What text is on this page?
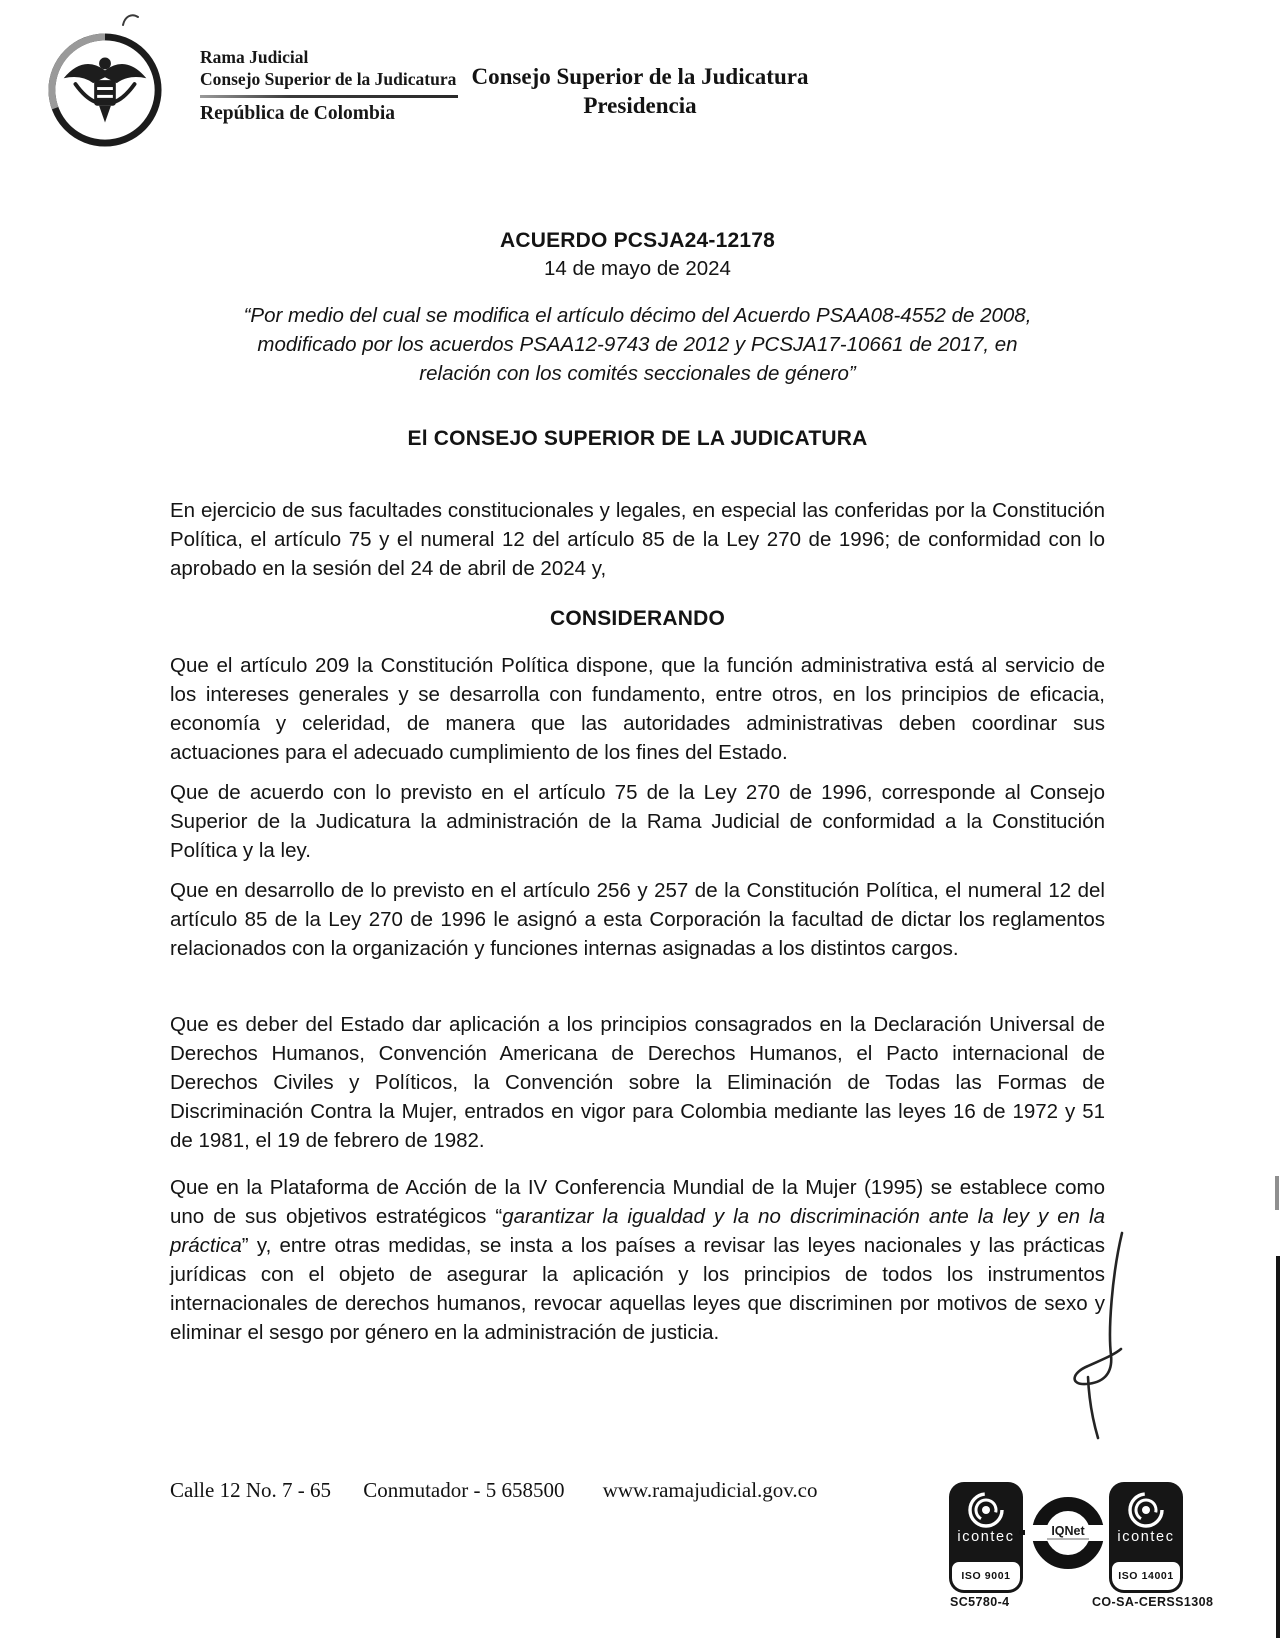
Rama Judicial
Consejo Superior de la Judicatura
República de Colombia
Consejo Superior de la Judicatura
Presidencia
ACUERDO PCSJA24-12178
14 de mayo de 2024
“Por medio del cual se modifica el artículo décimo del Acuerdo PSAA08-4552 de 2008,
modificado por los acuerdos PSAA12-9743 de 2012 y PCSJA17-10661 de 2017, en
relación con los comités seccionales de género”
El CONSEJO SUPERIOR DE LA JUDICATURA

En ejercicio de sus facultades constitucionales y legales, en especial las conferidas por la Constitución Política, el artículo 75 y el numeral 12 del artículo 85 de la Ley 270 de 1996; de conformidad con lo aprobado en la sesión del 24 de abril de 2024 y,

CONSIDERANDO

Que el artículo 209 la Constitución Política dispone, que la función administrativa está al servicio de los intereses generales y se desarrolla con fundamento, entre otros, en los principios de eficacia, economía y celeridad, de manera que las autoridades administrativas deben coordinar sus actuaciones para el adecuado cumplimiento de los fines del Estado.

Que de acuerdo con lo previsto en el artículo 75 de la Ley 270 de 1996, corresponde al Consejo Superior de la Judicatura la administración de la Rama Judicial de conformidad a la Constitución Política y la ley.

Que en desarrollo de lo previsto en el artículo 256 y 257 de la Constitución Política, el numeral 12 del artículo 85 de la Ley 270 de 1996 le asignó a esta Corporación la facultad de dictar los reglamentos relacionados con la organización y funciones internas asignadas a los distintos cargos.

Que es deber del Estado dar aplicación a los principios consagrados en la Declaración Universal de Derechos Humanos, Convención Americana de Derechos Humanos, el Pacto internacional de Derechos Civiles y Políticos, la Convención sobre la Eliminación de Todas las Formas de Discriminación Contra la Mujer, entrados en vigor para Colombia mediante las leyes 16 de 1972 y 51 de 1981, el 19 de febrero de 1982.

Que en la Plataforma de Acción de la IV Conferencia Mundial de la Mujer (1995) se establece como uno de sus objetivos estratégicos “garantizar la igualdad y la no discriminación ante la ley y en la práctica” y, entre otras medidas, se insta a los países a revisar las leyes nacionales y las prácticas jurídicas con el objeto de asegurar la aplicación y los principios de todos los instrumentos internacionales de derechos humanos, revocar aquellas leyes que discriminen por motivos de sexo y eliminar el sesgo por género en la administración de justicia.

Calle 12 No. 7 - 65 Conmutador - 5 658500 www.ramajudicial.gov.co
icontec
ISO 9001
IQNet	icontec
ISO 14001
SC5780-4	CO-SA-CERSS1308
